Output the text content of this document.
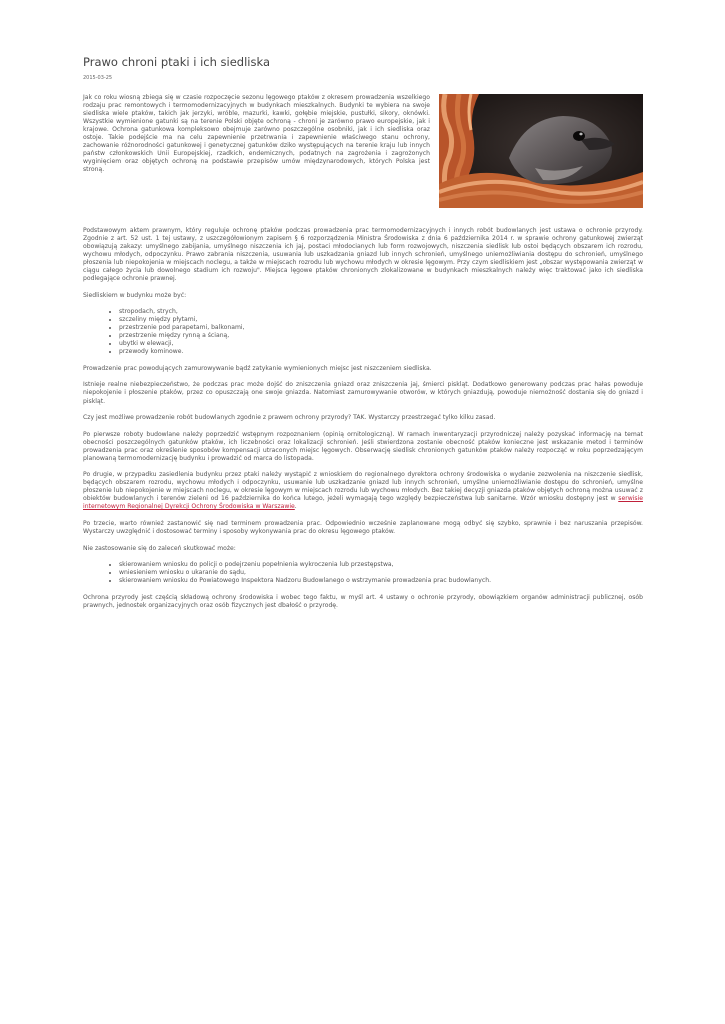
Prawo chroni ptaki i ich siedliska
2015-03-25

Jak co roku wiosną zbiega się w czasie rozpoczęcie sezonu lęgowego ptaków z okresem prowadzenia wszelkiego rodzaju prac remontowych i termomodernizacyjnych w budynkach mieszkalnych. Budynki te wybiera na swoje siedliska wiele ptaków, takich jak jerzyki, wróble, mazurki, kawki, gołębie miejskie, pustułki, sikory, oknówki. Wszystkie wymienione gatunki są na terenie Polski objęte ochroną - chroni je zarówno prawo europejskie, jak i krajowe. Ochrona gatunkowa kompleksowo obejmuje zarówno poszczególne osobniki, jak i ich siedliska oraz ostoje. Takie podejście ma na celu zapewnienie przetrwania i zapewnienie właściwego stanu ochrony, zachowanie różnorodności gatunkowej i genetycznej gatunków dziko występujących na terenie kraju lub innych państw członkowskich Unii Europejskiej, rzadkich, endemicznych, podatnych na zagrożenia i zagrożonych wyginięciem oraz objętych ochroną na podstawie przepisów umów międzynarodowych, których Polska jest stroną.

Podstawowym aktem prawnym, który reguluje ochronę ptaków podczas prowadzenia prac termomodernizacyjnych i innych robót budowlanych jest ustawa o ochronie przyrody. Zgodnie z art. 52 ust. 1 tej ustawy, z uszczegółowionym zapisem § 6 rozporządzenia Ministra Środowiska z dnia 6 października 2014 r. w sprawie ochrony gatunkowej zwierząt obowiązują zakazy: umyślnego zabijania, umyślnego niszczenia ich jaj, postaci młodocianych lub form rozwojowych, niszczenia siedlisk lub ostoi będących obszarem ich rozrodu, wychowu młodych, odpoczynku. Prawo zabrania niszczenia, usuwania lub uszkadzania gniazd lub innych schronień, umyślnego uniemożliwiania dostępu do schronień, umyślnego płoszenia lub niepokojenia w miejscach noclegu, a także w miejscach rozrodu lub wychowu młodych w okresie lęgowym. Przy czym siedliskiem jest „obszar występowania zwierząt w ciągu całego życia lub dowolnego stadium ich rozwoju". Miejsca lęgowe ptaków chronionych zlokalizowane w budynkach mieszkalnych należy więc traktować jako ich siedliska podlegające ochronie prawnej.

Siedliskiem w budynku może być:

• stropodach, strych,
• szczeliny między płytami,
• przestrzenie pod parapetami, balkonami,
• przestrzenie między rynną a ścianą,
• ubytki w elewacji,
• przewody kominowe.

Prowadzenie prac powodujących zamurowywanie bądź zatykanie wymienionych miejsc jest niszczeniem siedliska.

Istnieje realne niebezpieczeństwo, że podczas prac może dojść do zniszczenia gniazd oraz zniszczenia jaj, śmierci piskląt. Dodatkowo generowany podczas prac hałas powoduje niepokojenie i płoszenie ptaków, przez co opuszczają one swoje gniazda. Natomiast zamurowywanie otworów, w których gniazdują, powoduje niemożność dostania się do gniazd i piskląt.

Czy jest możliwe prowadzenie robót budowlanych zgodnie z prawem ochrony przyrody? TAK. Wystarczy przestrzegać tylko kilku zasad.

Po pierwsze roboty budowlane należy poprzedzić wstępnym rozpoznaniem (opinią ornitologiczną). W ramach inwentaryzacji przyrodniczej należy pozyskać informację na temat obecności poszczególnych gatunków ptaków, ich liczebności oraz lokalizacji schronień. Jeśli stwierdzona zostanie obecność ptaków konieczne jest wskazanie metod i terminów prowadzenia prac oraz określenie sposobów kompensacji utraconych miejsc lęgowych. Obserwację siedlisk chronionych gatunków ptaków należy rozpocząć w roku poprzedzającym planowaną termomodernizację budynku i prowadzić od marca do listopada.

Po drugie, w przypadku zasiedlenia budynku przez ptaki należy wystąpić z wnioskiem do regionalnego dyrektora ochrony środowiska o wydanie zezwolenia na niszczenie siedlisk, będących obszarem rozrodu, wychowu młodych i odpoczynku, usuwanie lub uszkadzanie gniazd lub innych schronień, umyślne uniemożliwianie dostępu do schronień, umyślne płoszenie lub niepokojenie w miejscach noclegu, w okresie lęgowym w miejscach rozrodu lub wychowu młodych. Bez takiej decyzji gniazda ptaków objętych ochroną można usuwać z obiektów budowlanych i terenów zieleni od 16 października do końca lutego, jeżeli wymagają tego względy bezpieczeństwa lub sanitarne. Wzór wniosku dostępny jest w serwisie internetowym Regionalnej Dyrekcji Ochrony Środowiska w Warszawie.

Po trzecie, warto również zastanowić się nad terminem prowadzenia prac. Odpowiednio wcześnie zaplanowane mogą odbyć się szybko, sprawnie i bez naruszania przepisów. Wystarczy uwzględnić i dostosować terminy i sposoby wykonywania prac do okresu lęgowego ptaków.

Nie zastosowanie się do zaleceń skutkować może:

• skierowaniem wniosku do policji o podejrzeniu popełnienia wykroczenia lub przestępstwa,
• wniesieniem wniosku o ukaranie do sądu,
• skierowaniem wniosku do Powiatowego Inspektora Nadzoru Budowlanego o wstrzymanie prowadzenia prac budowlanych.

Ochrona przyrody jest częścią składową ochrony środowiska i wobec tego faktu, w myśl art. 4 ustawy o ochronie przyrody, obowiązkiem organów administracji publicznej, osób prawnych, jednostek organizacyjnych oraz osób fizycznych jest dbałość o przyrodę.
